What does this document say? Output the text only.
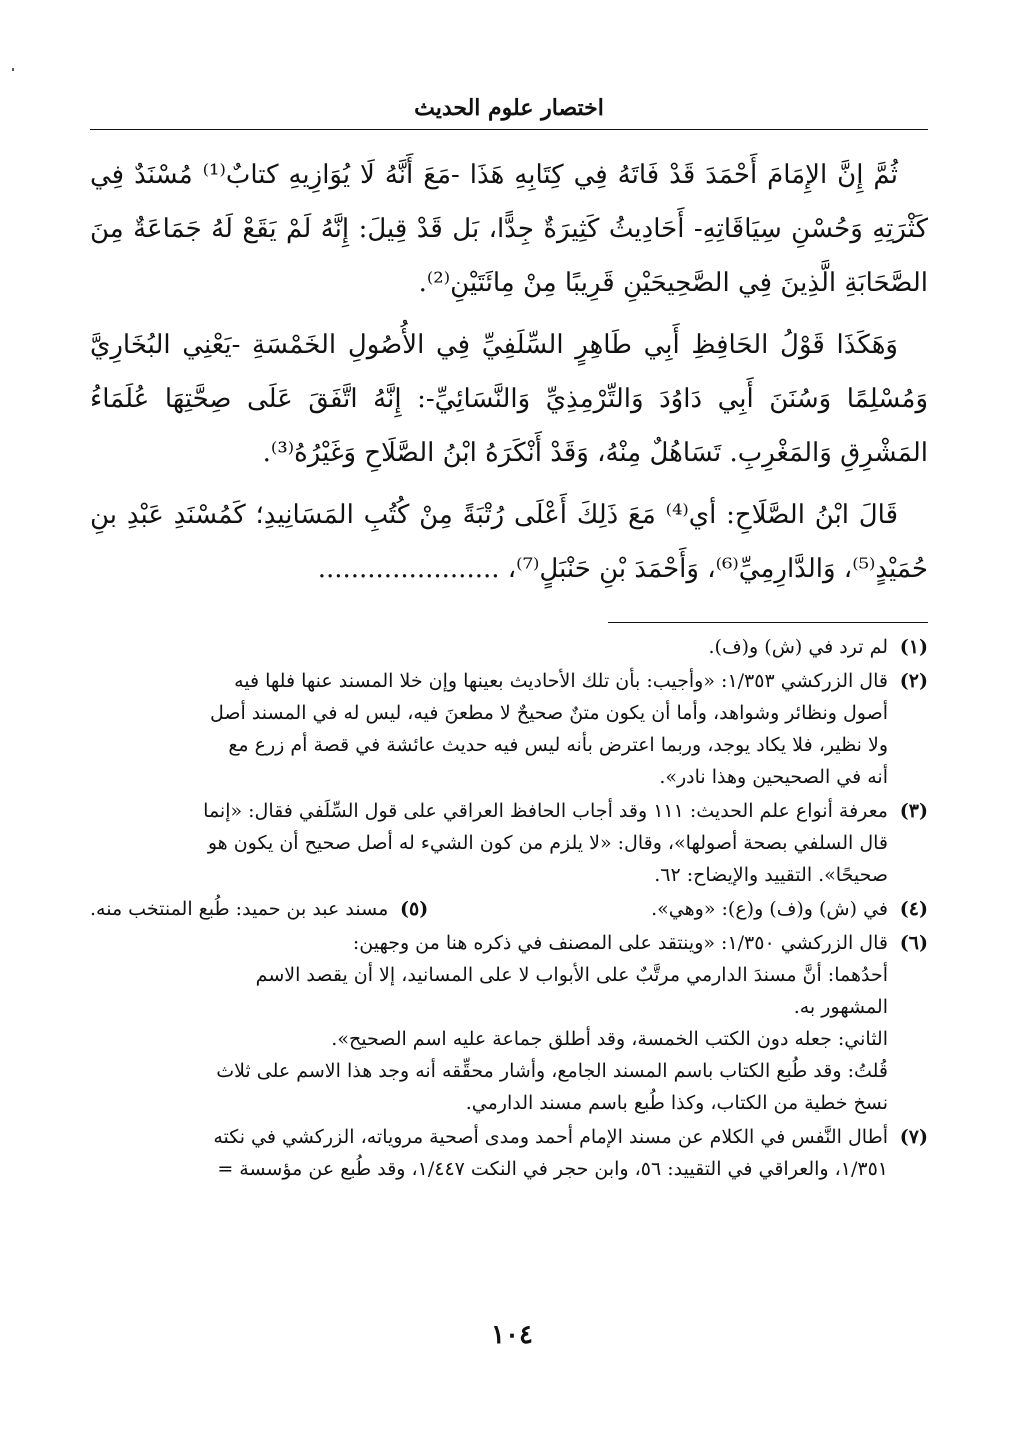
اختصار علوم الحديث

ثُمَّ إِنَّ الإِمَامَ أَحْمَدَ قَدْ فَاتَهُ فِي كِتَابِهِ هَذَا -مَعَ أَنَّهُ لَا يُوَازِيهِ كتابٌ⁽¹⁾ مُسْنَدٌ فِي كَثْرَتِهِ وَحُسْنِ سِيَاقَاتِهِ- أَحَادِيثُ كَثِيرَةٌ جِدًّا، بَل قَدْ قِيلَ: إِنَّهُ لَمْ يَقَعْ لَهُ جَمَاعَةٌ مِنَ الصَّحَابَةِ الَّذِينَ فِي الصَّحِيحَيْنِ قَرِيبًا مِنْ مِائَتَيْنِ⁽²⁾.

وَهَكَذَا قَوْلُ الحَافِظِ أَبِي طَاهِرٍ السِّلَفِيِّ فِي الأُصُولِ الخَمْسَةِ -يَعْنِي البُخَارِيَّ وَمُسْلِمًا وَسُنَنَ أَبِي دَاوُدَ وَالتِّرْمِذِيِّ وَالنَّسَائِيِّ-: إِنَّهُ اتَّفَقَ عَلَى صِحَّتِهَا عُلَمَاءُ المَشْرِقِ وَالمَغْرِبِ. تَسَاهُلٌ مِنْهُ، وَقَدْ أَنْكَرَهُ ابْنُ الصَّلَاحِ وَغَيْرُهُ⁽³⁾.

قَالَ ابْنُ الصَّلَاحِ: أي⁽⁴⁾ مَعَ ذَلِكَ أَعْلَى رُتْبَةً مِنْ كُتُبِ المَسَانِيدِ؛ كَمُسْنَدِ عَبْدِ بنِ حُمَيْدٍ⁽⁵⁾، وَالدَّارِمِيِّ⁽⁶⁾، وَأَحْمَدَ بْنِ حَنْبَلٍ⁽⁷⁾، ......................

(١)
لم ترد في (ش) و(ف).
(٢)
قال الزركشي ١/٣٥٣: «وأجيب: بأن تلك الأحاديث بعينها وإن خلا المسند عنها فلها فيه
أصول ونظائر وشواهد، وأما أن يكون متنٌ صحيحٌ لا مطعنَ فيه، ليس له في المسند أصل
ولا نظير، فلا يكاد يوجد، وربما اعترض بأنه ليس فيه حديث عائشة في قصة أم زرع مع
أنه في الصحيحين وهذا نادر».
(٣)
معرفة أنواع علم الحديث: ١١١ وقد أجاب الحافظ العراقي على قول السِّلَفي فقال: «إنما
قال السلفي بصحة أصولها»، وقال: «لا يلزم من كون الشيء له أصل صحيح أن يكون هو
صحيحًا». التقييد والإيضاح: ٦٢.
(٤)
في (ش) و(ف) و(ع): «وهي».
(٥)
مسند عبد بن حميد: طُبع المنتخب منه.
(٦)
قال الزركشي ١/٣٥٠: «وينتقد على المصنف في ذكره هنا من وجهين:
أحدُهما: أنَّ مسندَ الدارمي مرتَّبٌ على الأبواب لا على المسانيد، إلا أن يقصد الاسم
المشهور به.
الثاني: جعله دون الكتب الخمسة، وقد أطلق جماعة عليه اسم الصحيح».
قُلتُ: وقد طُبع الكتاب باسم المسند الجامع، وأشار محقِّقه أنه وجد هذا الاسم على ثلاث
نسخ خطية من الكتاب، وكذا طُبع باسم مسند الدارمي.
(٧)
أطال النَّفس في الكلام عن مسند الإمام أحمد ومدى أصحية مروياته، الزركشي في نكته
١/٣٥١، والعراقي في التقييد: ٥٦، وابن حجر في النكت ١/٤٤٧، وقد طُبع عن مؤسسة =
١٠٤
